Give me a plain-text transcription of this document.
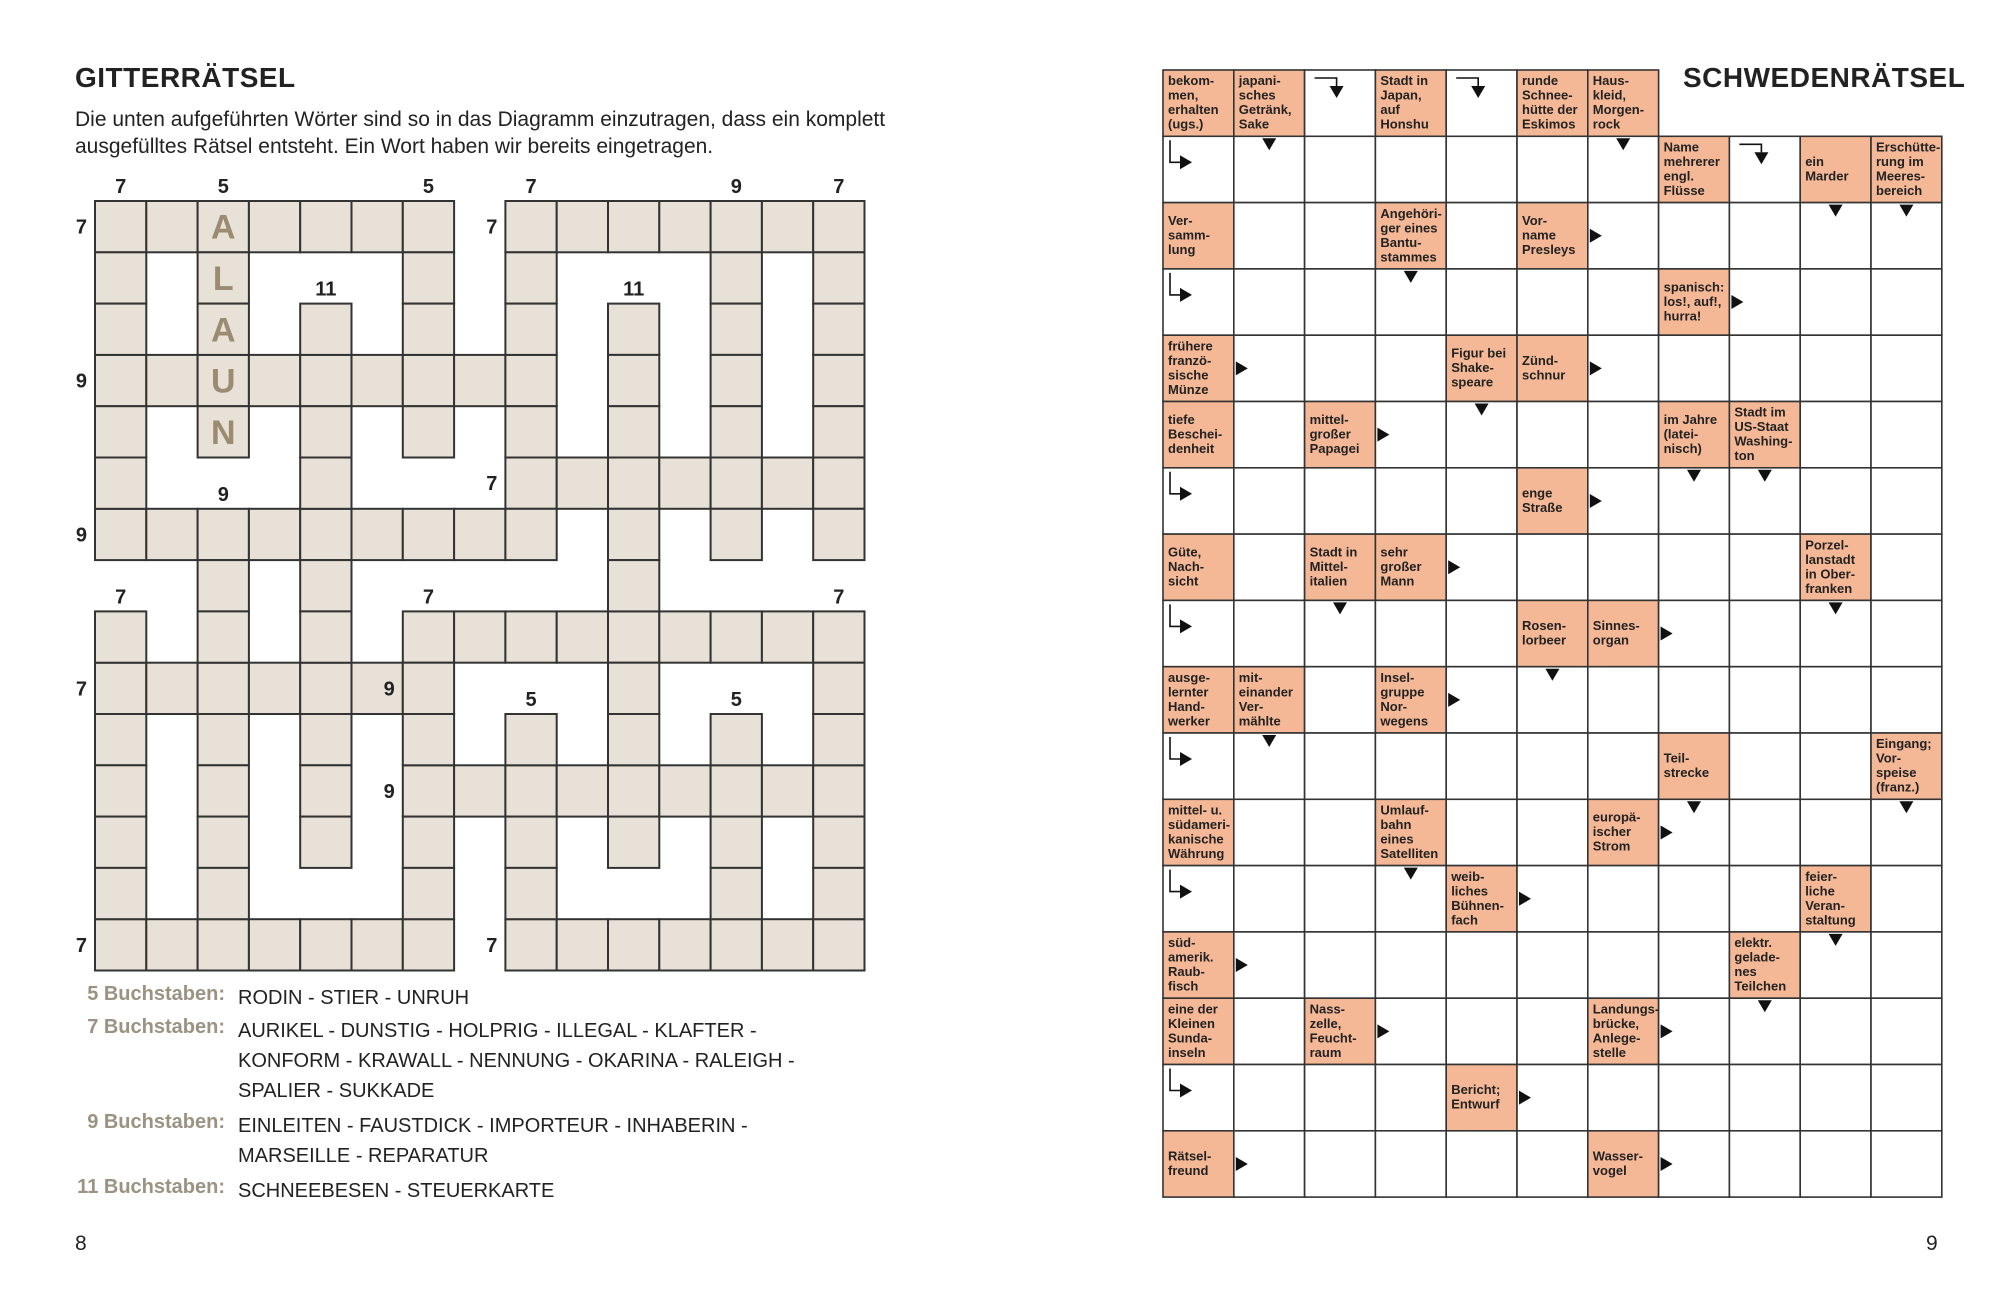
GITTERRÄTSEL

Die unten aufgeführten Wörter sind so in das Diagramm einzutragen, dass ein komplett ausgefülltes Rätsel entsteht. Ein Wort haben wir bereits eingetragen.

A
L
A
U
N
7	5	5	7	9	7
7	7
11	11
9
9	7
9
7	7	7
9
7	5	5
9
7	7
5 Buchstaben: RODIN - STIER - UNRUH
7 Buchstaben: AURIKEL - DUNSTIG - HOLPRIG - ILLEGAL - KLAFTER -
KONFORM - KRAWALL - NENNUNG - OKARINA - RALEIGH -
SPALIER - SUKKADE
9 Buchstaben: EINLEITEN - FAUSTDICK - IMPORTEUR - INHABERIN -
MARSEILLE - REPARATUR
11 Buchstaben: SCHNEEBESEN - STEUERKARTE
8
SCHWEDENRÄTSEL
bekom-men, erhalten (ugs.)
japani-sches Getränk, Sake
Stadt in Japan, auf Honshu
runde Schnee-hütte der Eskimos
Haus-kleid, Morgen-rock
Name mehrerer engl. Flüsse
ein Marder
Erschütte-rung im Meeres-bereich
Ver-samm-lung
Angehöri-ger eines Bantu-stammes
Vor-name Presleys
spanisch: los!, auf!, hurra!
frühere franzö-sische Münze
Figur bei Shake-speare
Zünd-schnur
tiefe Beschei-denheit
mittel-großer Papagei
im Jahre (latei-nisch)
Stadt im US-Staat Washing-ton
enge Straße
Güte, Nach-sicht
Stadt in Mittel-italien
sehr großer Mann
Porzel-lanstadt in Ober-franken
Rosen-lorbeer
Sinnes-organ
ausge-lernter Hand-werker
mit-einander Ver-mählte
Insel-gruppe Nor-wegens
Teil-strecke
Eingang; Vor-speise (franz.)
mittel- u. südameri-kanische Währung
Umlauf-bahn eines Satelliten
europä-ischer Strom
weib-liches Bühnen-fach
feier-liche Veran-staltung
süd-amerik. Raub-fisch
elektr. gelade-nes Teilchen
eine der Kleinen Sunda-inseln
Nass-zelle, Feucht-raum
Landungs-brücke, Anlege-stelle
Bericht; Entwurf
Rätsel-freund
Wasser-vogel
9
